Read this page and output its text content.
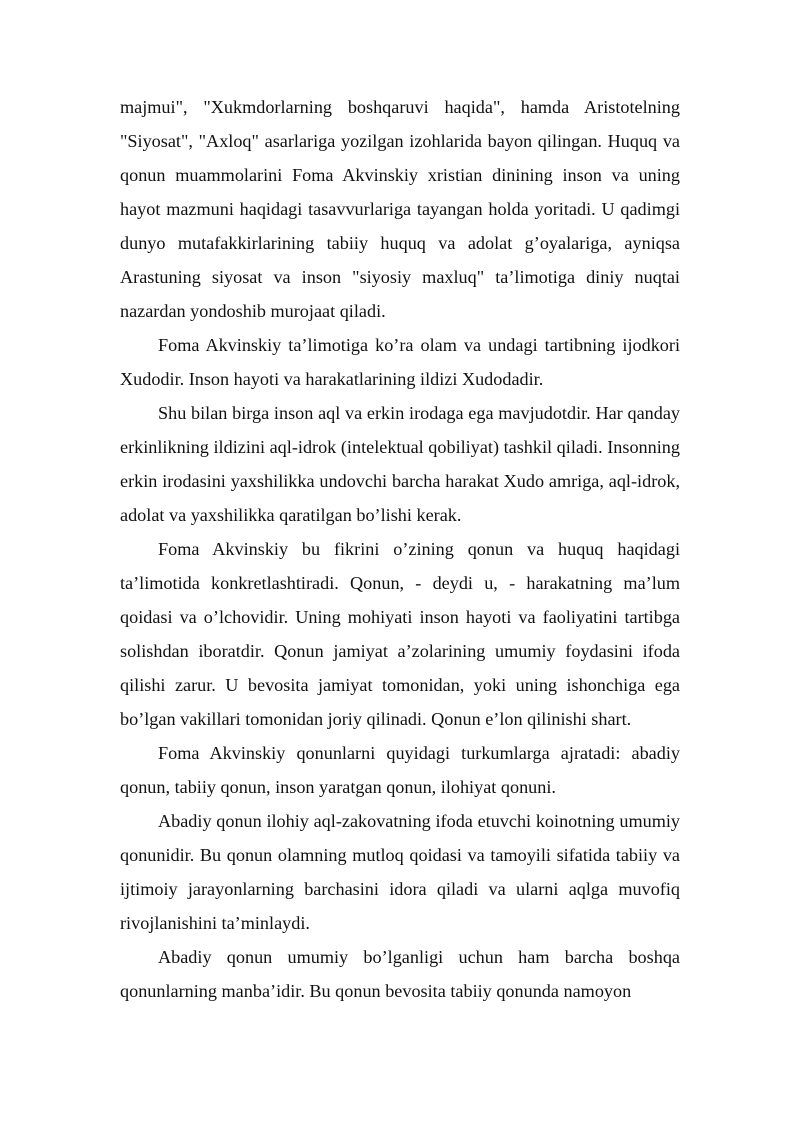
majmui", "Xukmdorlarning boshqaruvi haqida", hamda Aristotelning "Siyosat", "Axloq" asarlariga yozilgan izohlarida bayon qilingan. Huquq va qonun muammolarini Foma Akvinskiy xristian dinining inson va uning hayot mazmuni haqidagi tasavvurlariga tayangan holda yoritadi. U qadimgi dunyo mutafakkirlarining tabiiy huquq va adolat g’oyalariga, ayniqsa Arastuning siyosat va inson "siyosiy maxluq" ta’limotiga diniy nuqtai nazardan yondoshib murojaat qiladi.

Foma Akvinskiy ta’limotiga ko’ra olam va undagi tartibning ijodkori Xudodir. Inson hayoti va harakatlarining ildizi Xudodadir.

Shu bilan birga inson aql va erkin irodaga ega mavjudotdir. Har qanday erkinlikning ildizini aql-idrok (intelektual qobiliyat) tashkil qiladi. Insonning erkin irodasini yaxshilikka undovchi barcha harakat Xudo amriga, aql-idrok, adolat va yaxshilikka qaratilgan bo’lishi kerak.

Foma Akvinskiy bu fikrini o’zining qonun va huquq haqidagi ta’limotida konkretlashtiradi. Qonun, - deydi u, - harakatning ma’lum qoidasi va o’lchovidir. Uning mohiyati inson hayoti va faoliyatini tartibga solishdan iboratdir. Qonun jamiyat a’zolarining umumiy foydasini ifoda qilishi zarur. U bevosita jamiyat tomonidan, yoki uning ishonchiga ega bo’lgan vakillari tomonidan joriy qilinadi. Qonun e’lon qilinishi shart.

Foma Akvinskiy qonunlarni quyidagi turkumlarga ajratadi: abadiy qonun, tabiiy qonun, inson yaratgan qonun, ilohiyat qonuni.

Abadiy qonun ilohiy aql-zakovatning ifoda etuvchi koinotning umumiy qonunidir. Bu qonun olamning mutloq qoidasi va tamoyili sifatida tabiiy va ijtimoiy jarayonlarning barchasini idora qiladi va ularni aqlga muvofiq rivojlanishini ta’minlaydi.

Abadiy qonun umumiy bo’lganligi uchun ham barcha boshqa qonunlarning manba’idir. Bu qonun bevosita tabiiy qonunda namoyon
